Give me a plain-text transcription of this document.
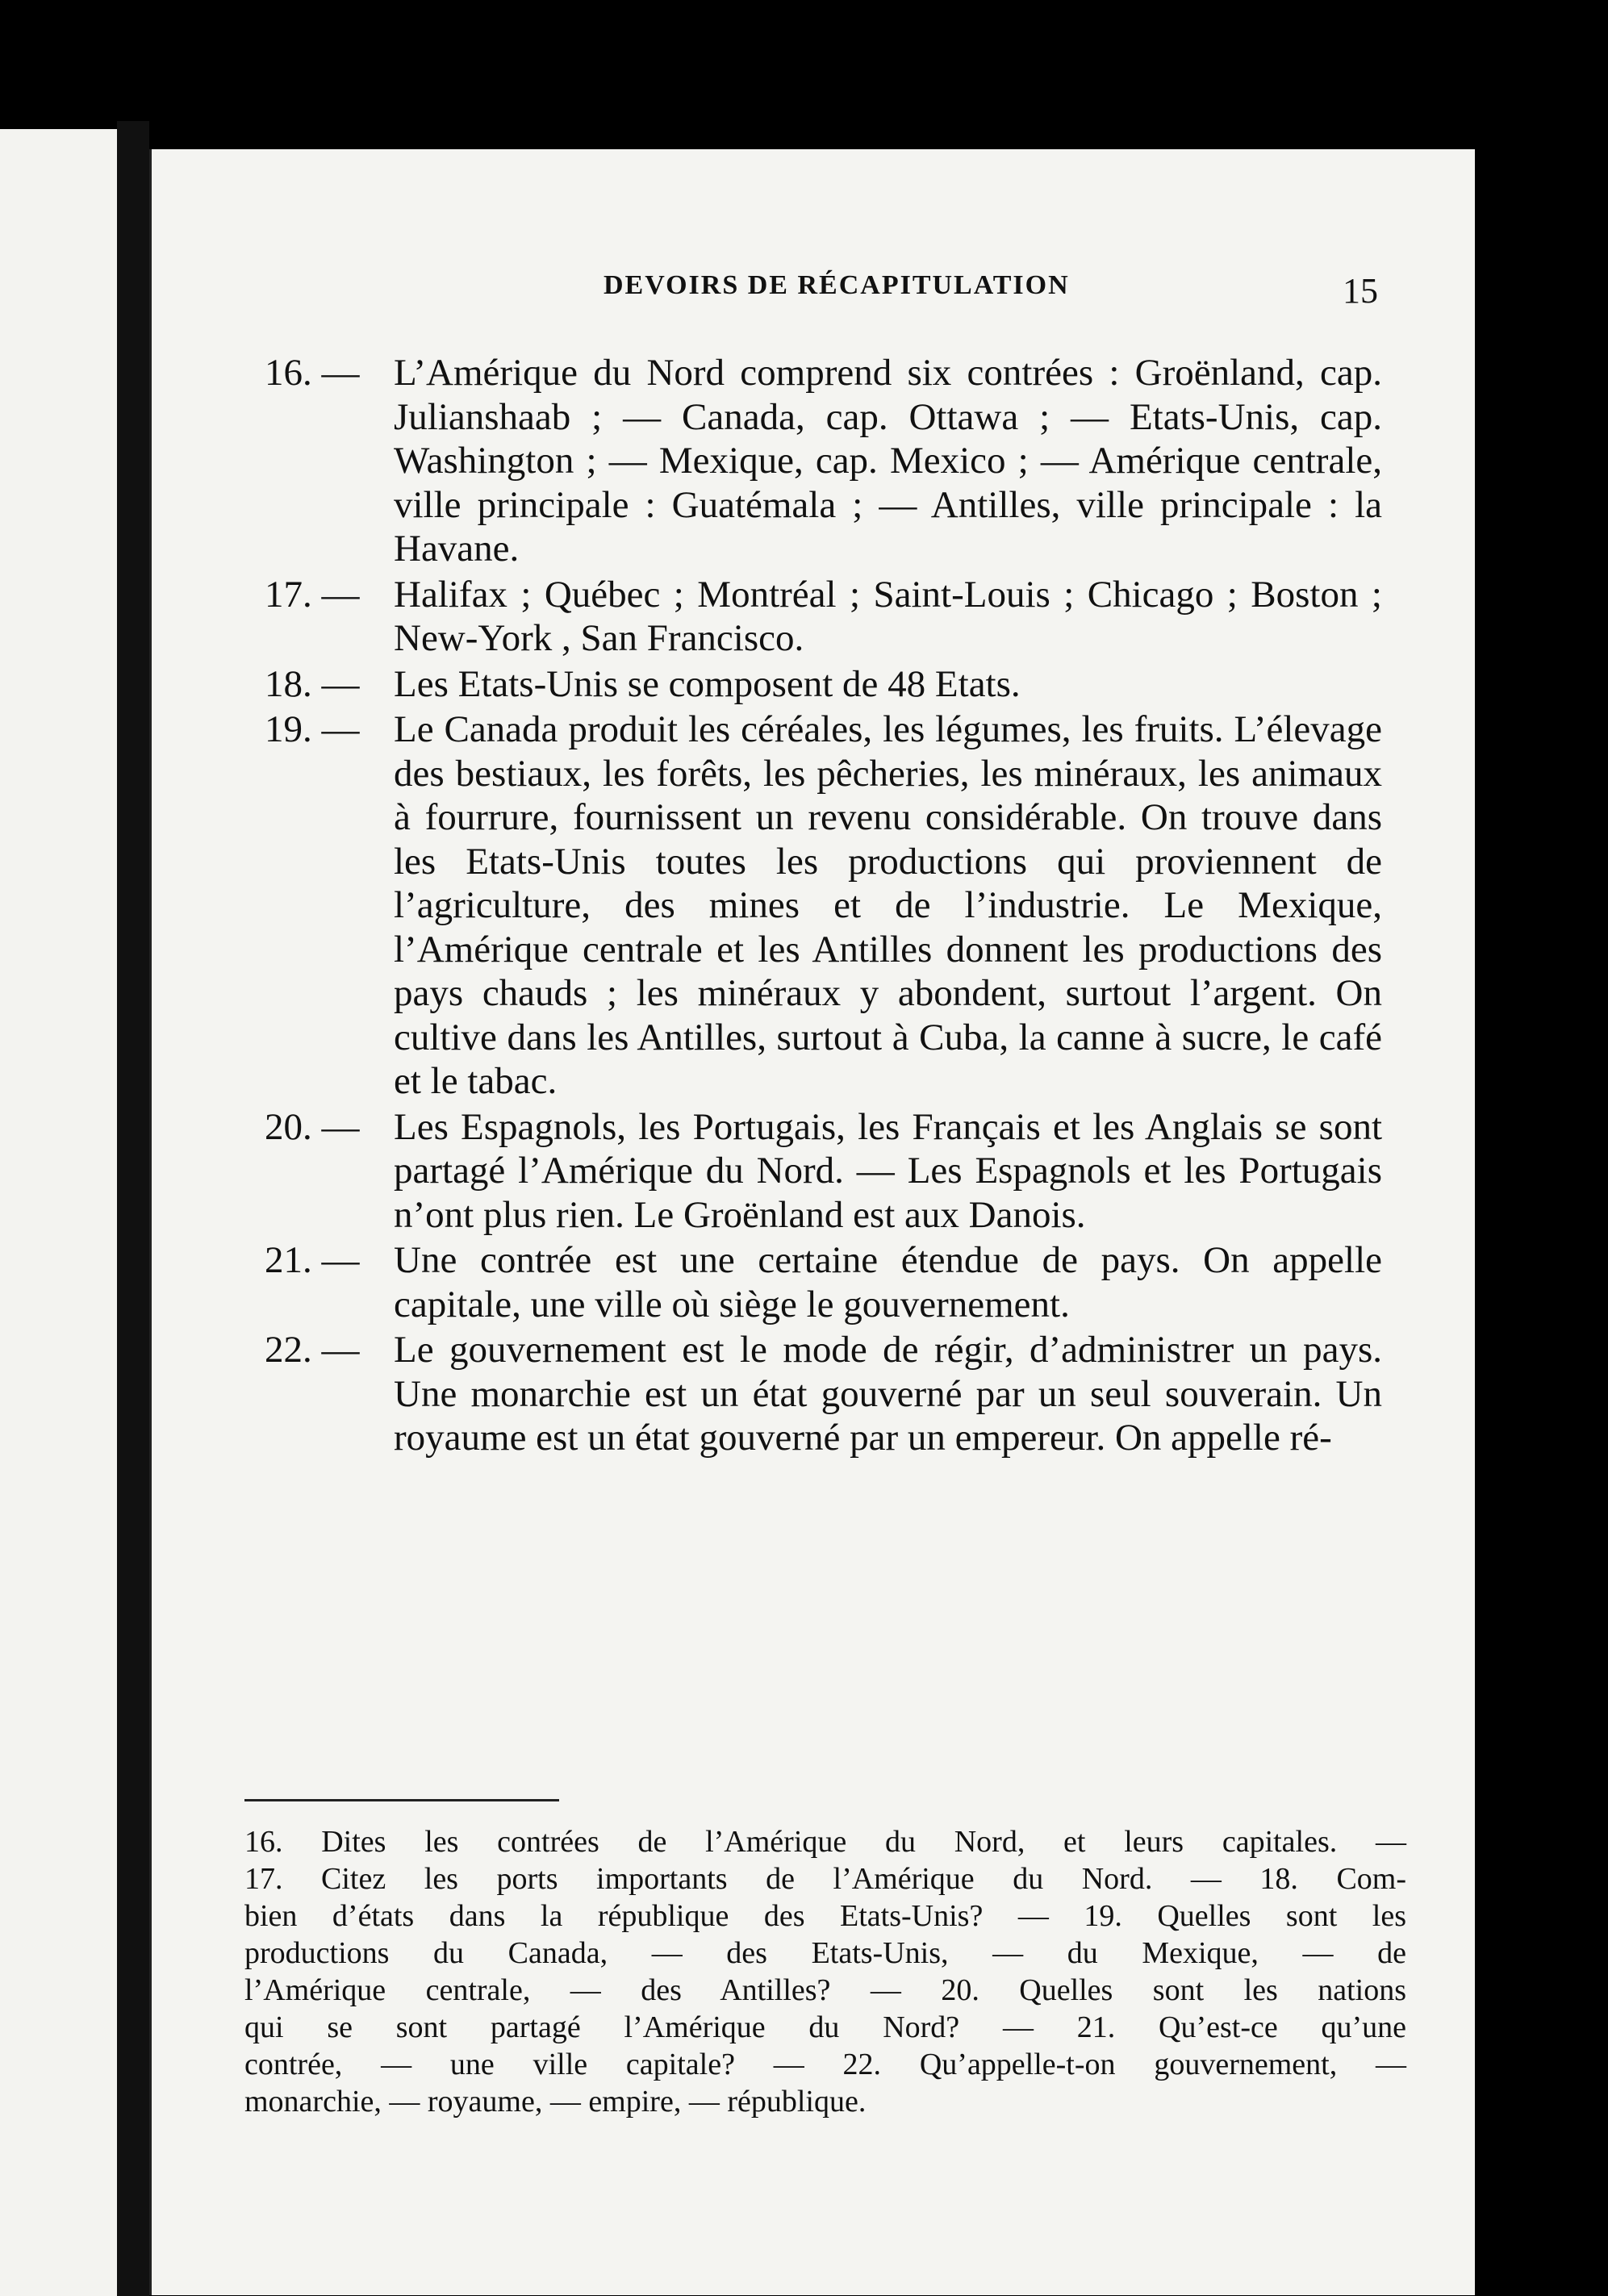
DEVOIRS DE RÉCAPITULATION	15
16. — L’Amérique du Nord comprend six contrées : Groënland, cap. Julianshaab ; — Canada, cap. Ottawa ; — Etats-Unis, cap. Washington ; — Mexique, cap. Mexico ; — Amérique centrale, ville principale : Guatémala ; — Antilles, ville principale : la Havane.
17. — Halifax ; Québec ; Montréal ; Saint-Louis ; Chicago ; Boston ; New-York , San Francisco.
18. — Les Etats-Unis se composent de 48 Etats.
19. — Le Canada produit les céréales, les légumes, les fruits. L’élevage des bestiaux, les forêts, les pêcheries, les minéraux, les animaux à fourrure, fournissent un revenu considérable. On trouve dans les Etats-Unis toutes les productions qui proviennent de l’agriculture, des mines et de l’industrie. Le Mexique, l’Amérique centrale et les Antilles donnent les productions des pays chauds ; les minéraux y abondent, surtout l’argent. On cultive dans les Antilles, surtout à Cuba, la canne à sucre, le café et le tabac.
20. — Les Espagnols, les Portugais, les Français et les Anglais se sont partagé l’Amérique du Nord. — Les Espagnols et les Portugais n’ont plus rien. Le Groënland est aux Danois.
21. — Une contrée est une certaine étendue de pays. On appelle capitale, une ville où siège le gouvernement.
22. — Le gouvernement est le mode de régir, d’administrer un pays. Une monarchie est un état gouverné par un seul souverain. Un royaume est un état gouverné par un empereur. On appelle ré-
16. Dites les contrées de l’Amérique du Nord, et leurs capitales. —
17. Citez les ports importants de l’Amérique du Nord. — 18. Com-
bien d’états dans la république des Etats-Unis? — 19. Quelles sont les
productions du Canada, — des Etats-Unis, — du Mexique, — de
l’Amérique centrale, — des Antilles? — 20. Quelles sont les nations
qui se sont partagé l’Amérique du Nord? — 21. Qu’est-ce qu’une
contrée, — une ville capitale? — 22. Qu’appelle-t-on gouvernement, —
monarchie, — royaume, — empire, — république.
